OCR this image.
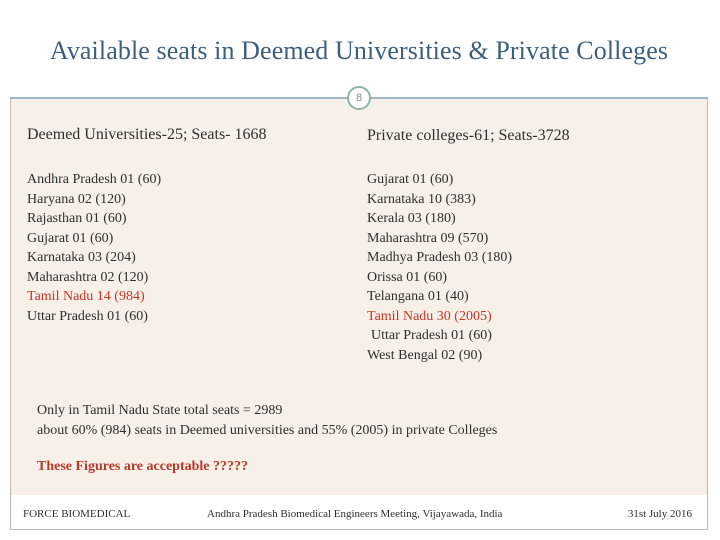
Available seats in Deemed Universities & Private Colleges
Deemed Universities-25; Seats- 1668
Andhra Pradesh 01 (60)
Haryana 02 (120)
Rajasthan 01 (60)
Gujarat 01 (60)
Karnataka 03 (204)
Maharashtra 02 (120)
Tamil Nadu 14 (984)
Uttar Pradesh 01 (60)
Private colleges-61; Seats-3728
Gujarat 01 (60)
Karnataka 10 (383)
Kerala 03 (180)
Maharashtra 09 (570)
Madhya Pradesh 03 (180)
Orissa 01 (60)
Telangana 01 (40)
Tamil Nadu 30 (2005)
Uttar Pradesh 01 (60)
West Bengal 02 (90)
8
Only in Tamil Nadu State total seats = 2989
about 60% (984) seats in Deemed universities and 55% (2005) in private Colleges
These Figures are acceptable ?????
FORCE BIOMEDICAL	Andhra Pradesh Biomedical Engineers Meeting, Vijayawada, India	31st July 2016
